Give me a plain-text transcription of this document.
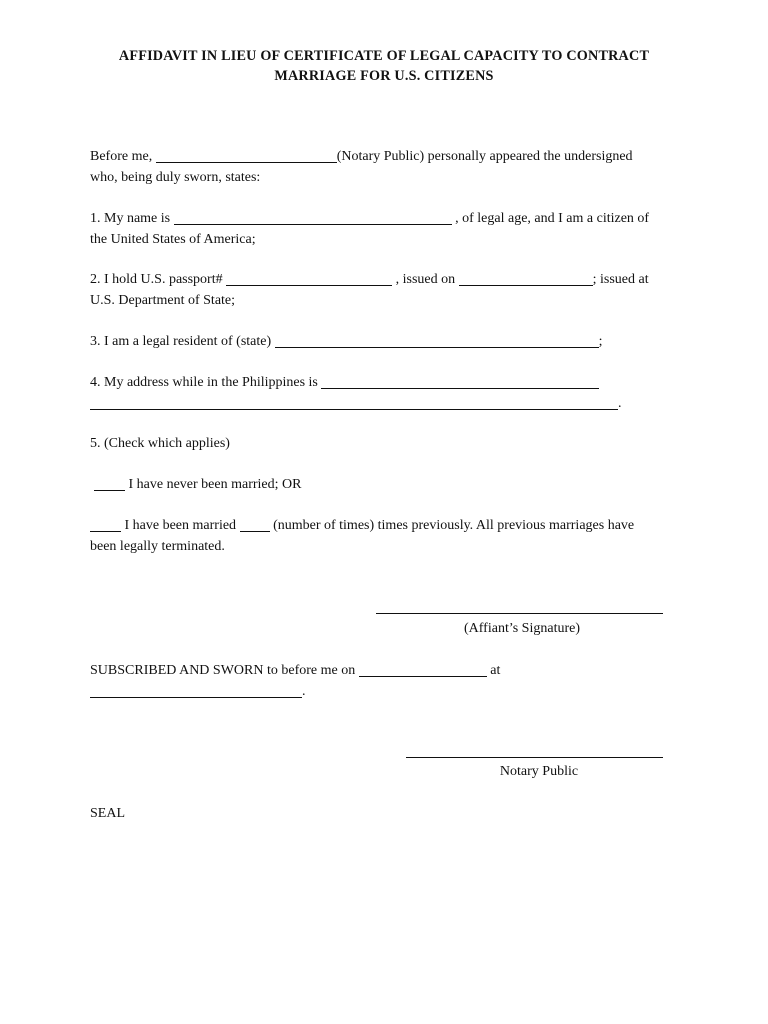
AFFIDAVIT IN LIEU OF CERTIFICATE OF LEGAL CAPACITY TO CONTRACT
MARRIAGE FOR U.S. CITIZENS

Before me,	(Notary Public) personally appeared the undersigned

who, being duly sworn, states:

1. My name is	, of legal age, and I am a citizen of

the United States of America;

2. I hold U.S. passport#	, issued on	; issued at

U.S. Department of State;

3. I am a legal resident of (state)	;

4. My address while in the Philippines is

.

5. (Check which applies)

I have never been married; OR

I have been married	(number of times) times previously. All previous marriages have

been legally terminated.

(Affiant’s Signature)

SUBSCRIBED AND SWORN to before me on	at

.

Notary Public

SEAL
